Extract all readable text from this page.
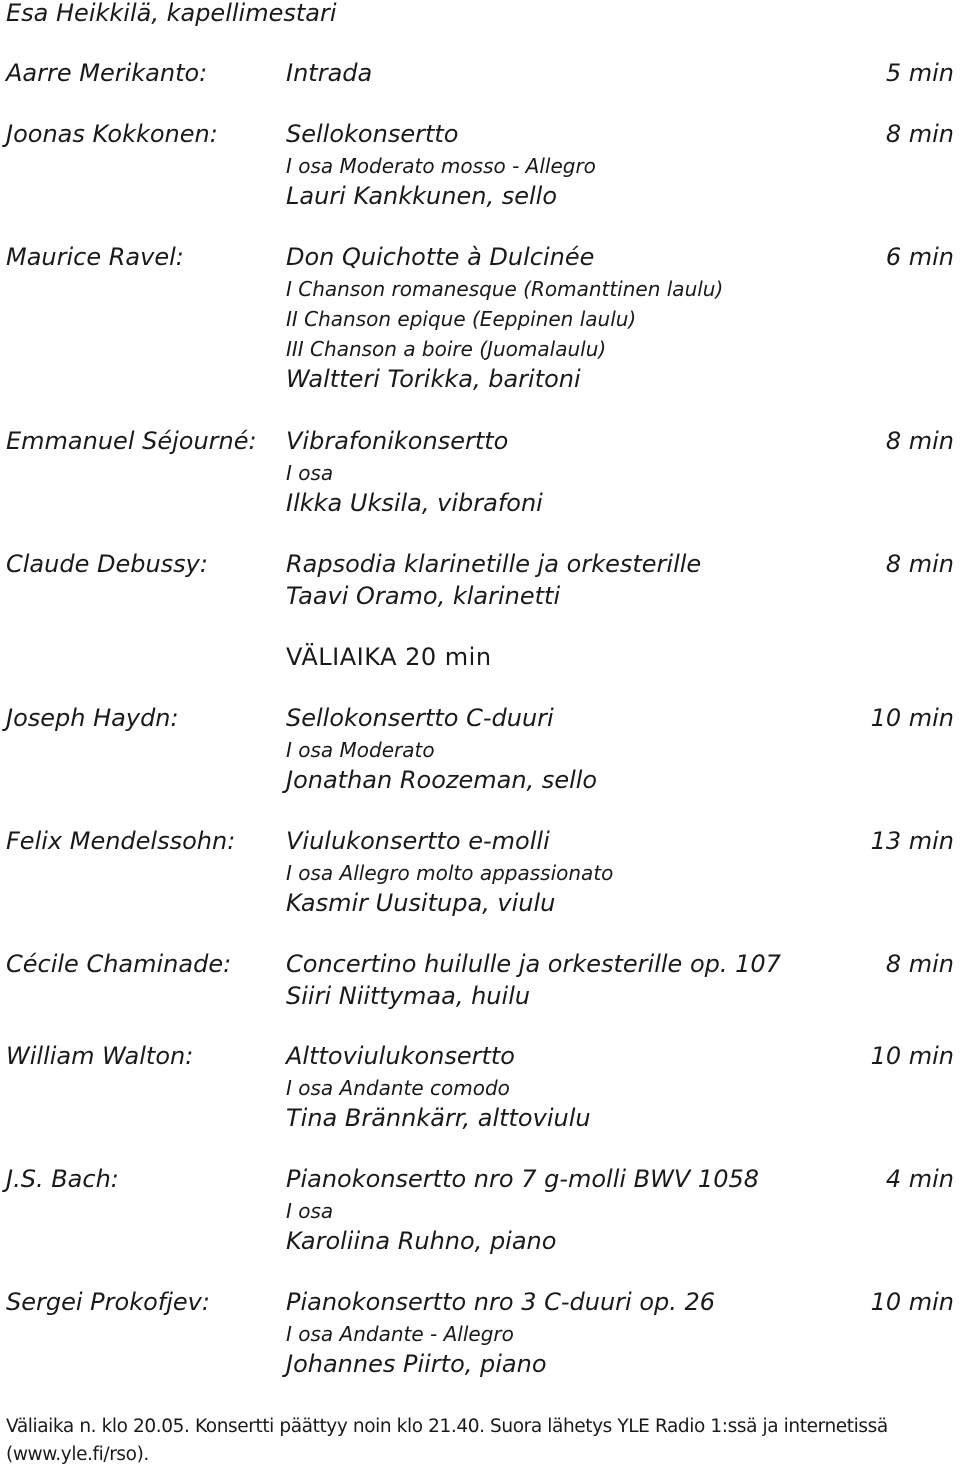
Esa Heikkilä, kapellimestari
Aarre Merikanto:	Intrada	5 min
Joonas Kokkonen:	Sellokonsertto	8 min
I osa Moderato mosso - Allegro
Lauri Kankkunen, sello
Maurice Ravel:	Don Quichotte à Dulcinée	6 min
I Chanson romanesque (Romanttinen laulu)
II Chanson epique (Eeppinen laulu)
III Chanson a boire (Juomalaulu)
Waltteri Torikka, baritoni
Emmanuel Séjourné: Vibrafonikonsertto	8 min
I osa
Ilkka Uksila, vibrafoni
Claude Debussy:	Rapsodia klarinetille ja orkesterille	8 min
Taavi Oramo, klarinetti
VÄLIAIKA 20 min
Joseph Haydn:	Sellokonsertto C-duuri	10 min
I osa Moderato
Jonathan Roozeman, sello
Felix Mendelssohn: Viulukonsertto e-molli	13 min
I osa Allegro molto appassionato
Kasmir Uusitupa, viulu
Cécile Chaminade: Concertino huilulle ja orkesterille op. 107	8 min
Siiri Niittymaa, huilu
William Walton:	Alttoviulukonsertto	10 min
I osa Andante comodo
Tina Brännkärr, alttoviulu
J.S. Bach:	Pianokonsertto nro 7 g-molli BWV 1058	4 min
I osa
Karoliina Ruhno, piano
Sergei Prokofjev:	Pianokonsertto nro 3 C-duuri op. 26	10 min
I osa Andante - Allegro
Johannes Piirto, piano
Väliaika n. klo 20.05. Konsertti päättyy noin klo 21.40. Suora lähetys YLE Radio 1:ssä ja internetissä (www.yle.fi/rso).
